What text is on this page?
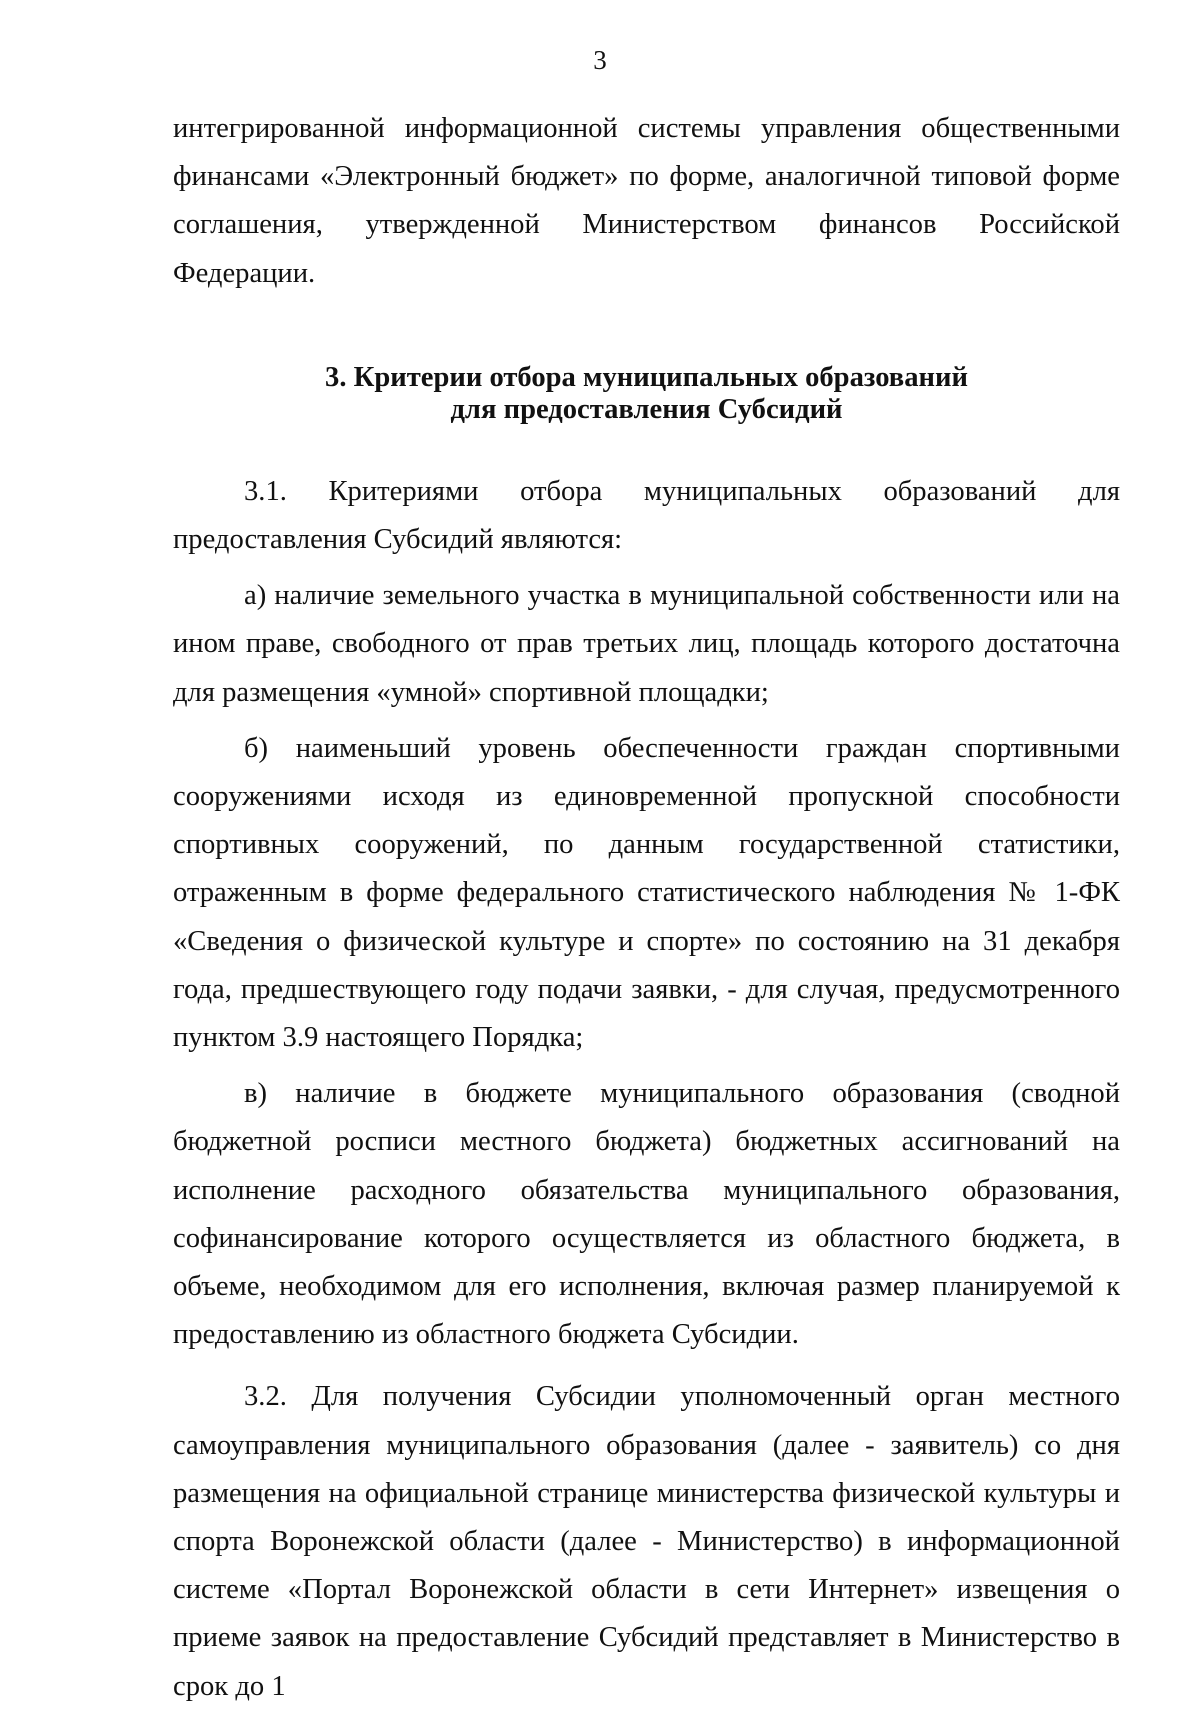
3

интегрированной информационной системы управления общественными финансами «Электронный бюджет» по форме, аналогичной типовой форме соглашения, утвержденной Министерством финансов Российской Федерации.

3. Критерии отбора муниципальных образований
для предоставления Субсидий

3.1. Критериями отбора муниципальных образований для предоставления Субсидий являются:

а) наличие земельного участка в муниципальной собственности или на ином праве, свободного от прав третьих лиц, площадь которого достаточна для размещения «умной» спортивной площадки;

б) наименьший уровень обеспеченности граждан спортивными сооружениями исходя из единовременной пропускной способности спортивных сооружений, по данным государственной статистики, отраженным в форме федерального статистического наблюдения № 1-ФК «Сведения о физической культуре и спорте» по состоянию на 31 декабря года, предшествующего году подачи заявки, - для случая, предусмотренного пунктом 3.9 настоящего Порядка;

в) наличие в бюджете муниципального образования (сводной бюджетной росписи местного бюджета) бюджетных ассигнований на исполнение расходного обязательства муниципального образования, софинансирование которого осуществляется из областного бюджета, в объеме, необходимом для его исполнения, включая размер планируемой к предоставлению из областного бюджета Субсидии.

3.2. Для получения Субсидии уполномоченный орган местного самоуправления муниципального образования (далее - заявитель) со дня размещения на официальной странице министерства физической культуры и спорта Воронежской области (далее - Министерство) в информационной системе «Портал Воронежской области в сети Интернет» извещения о приеме заявок на предоставление Субсидий представляет в Министерство в срок до 1
